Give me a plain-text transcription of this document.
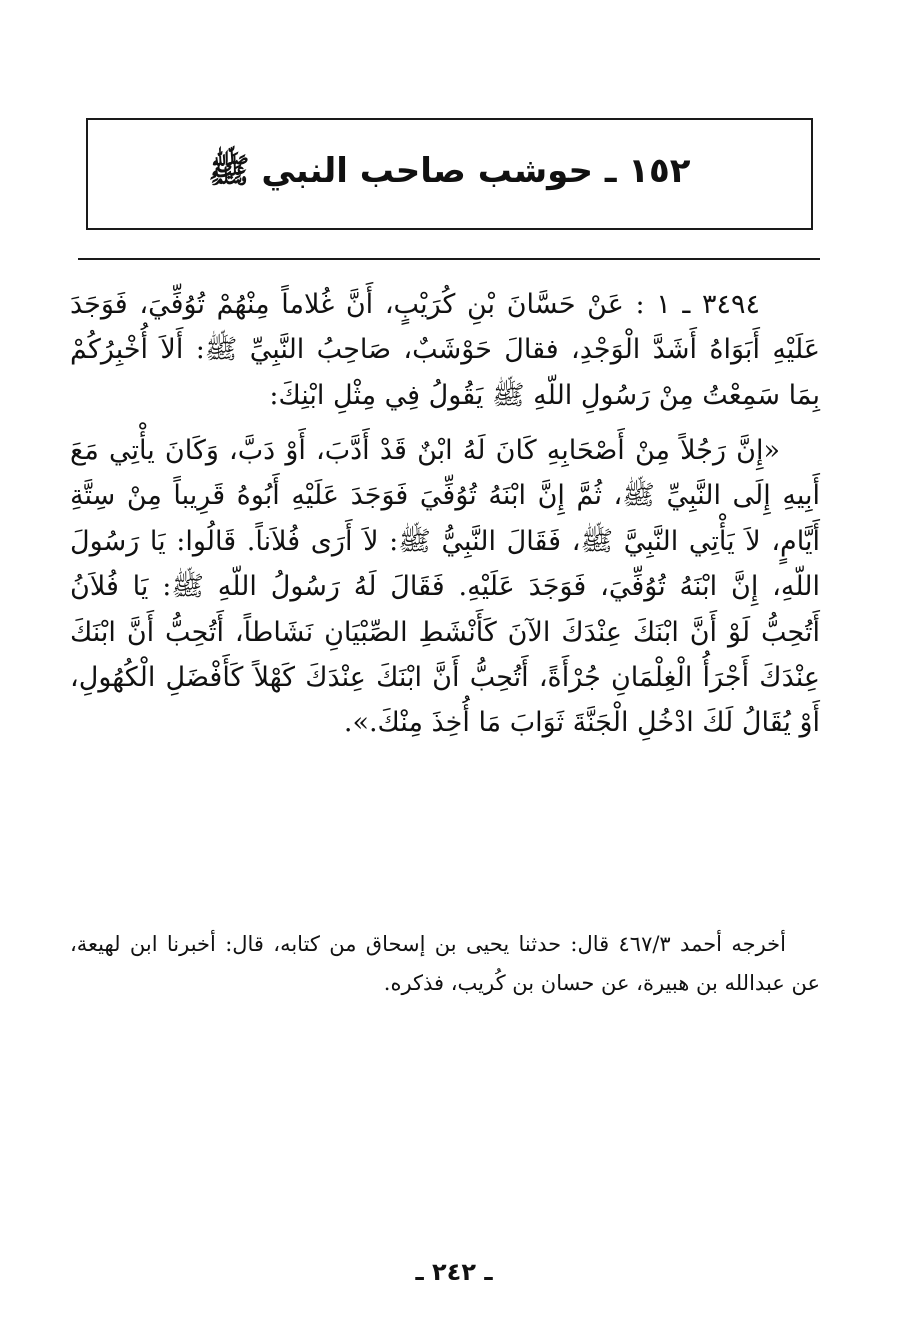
١٥٢ ـ حوشب صاحب النبي ﷺ

٣٤٩٤ ـ ١ : عَنْ حَسَّانَ بْنِ كُرَيْبٍ، أَنَّ غُلاماً مِنْهُمْ تُوُفِّيَ، فَوَجَدَ عَلَيْهِ أَبَوَاهُ أَشَدَّ الْوَجْدِ، فقالَ حَوْشَبٌ، صَاحِبُ النَّبِيِّ ﷺ: أَلاَ أُخْبِرُكُمْ بِمَا سَمِعْتُ مِنْ رَسُولِ اللّهِ ﷺ يَقُولُ فِي مِثْلِ ابْنِكَ:

«إِنَّ رَجُلاً مِنْ أَصْحَابِهِ كَانَ لَهُ ابْنٌ قَدْ أَدَّبَ، أَوْ دَبَّ، وَكَانَ يأْتِي مَعَ أَبِيهِ إِلَى النَّبِيِّ ﷺ، ثُمَّ إِنَّ ابْنَهُ تُوُفِّيَ فَوَجَدَ عَلَيْهِ أَبُوهُ قَرِيباً مِنْ سِتَّةِ أَيَّامٍ، لاَ يَأْتِي النَّبِيَّ ﷺ، فَقَالَ النَّبِيُّ ﷺ: لاَ أَرَى فُلاَناً. قَالُوا: يَا رَسُولَ اللّهِ، إِنَّ ابْنَهُ تُوُفِّيَ، فَوَجَدَ عَلَيْهِ. فَقَالَ لَهُ رَسُولُ اللّهِ ﷺ: يَا فُلاَنُ أَتُحِبُّ لَوْ أَنَّ ابْنَكَ عِنْدَكَ الآنَ كَأَنْشَطِ الصِّبْيَانِ نَشَاطاً، أَتُحِبُّ أَنَّ ابْنَكَ عِنْدَكَ أَجْرَأُ الْغِلْمَانِ جُرْأَةً، أَتُحِبُّ أَنَّ ابْنَكَ عِنْدَكَ كَهْلاً كَأَفْضَلِ الْكُهُولِ، أَوْ يُقَالُ لَكَ ادْخُلِ الْجَنَّةَ ثَوَابَ مَا أُخِذَ مِنْكَ.».

أخرجه أحمد ٤٦٧/٣ قال: حدثنا يحيى بن إسحاق من كتابه، قال: أخبرنا ابن لهيعة، عن عبدالله بن هبيرة، عن حسان بن كُريب، فذكره.
ـ ٢٤٢ ـ
